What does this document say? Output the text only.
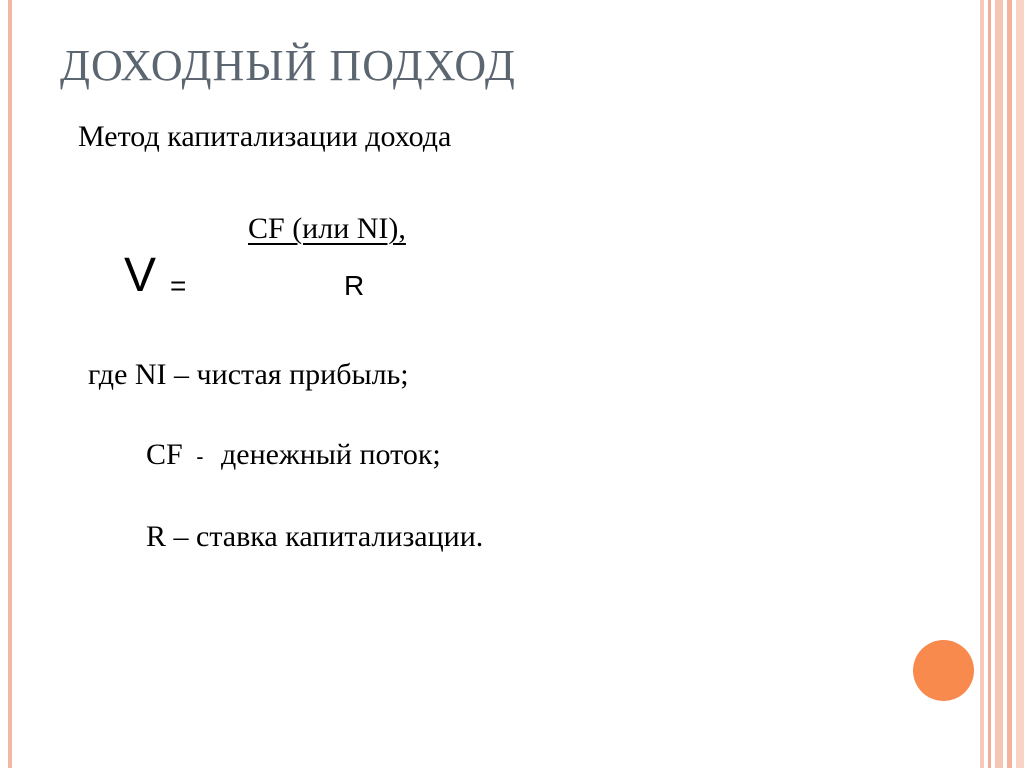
ДОХОДНЫЙ ПОДХОД
Метод капитализации дохода
CF (или NI),
V =	R
где NI – чистая прибыль;
CF - денежный поток;
R – ставка капитализации.
